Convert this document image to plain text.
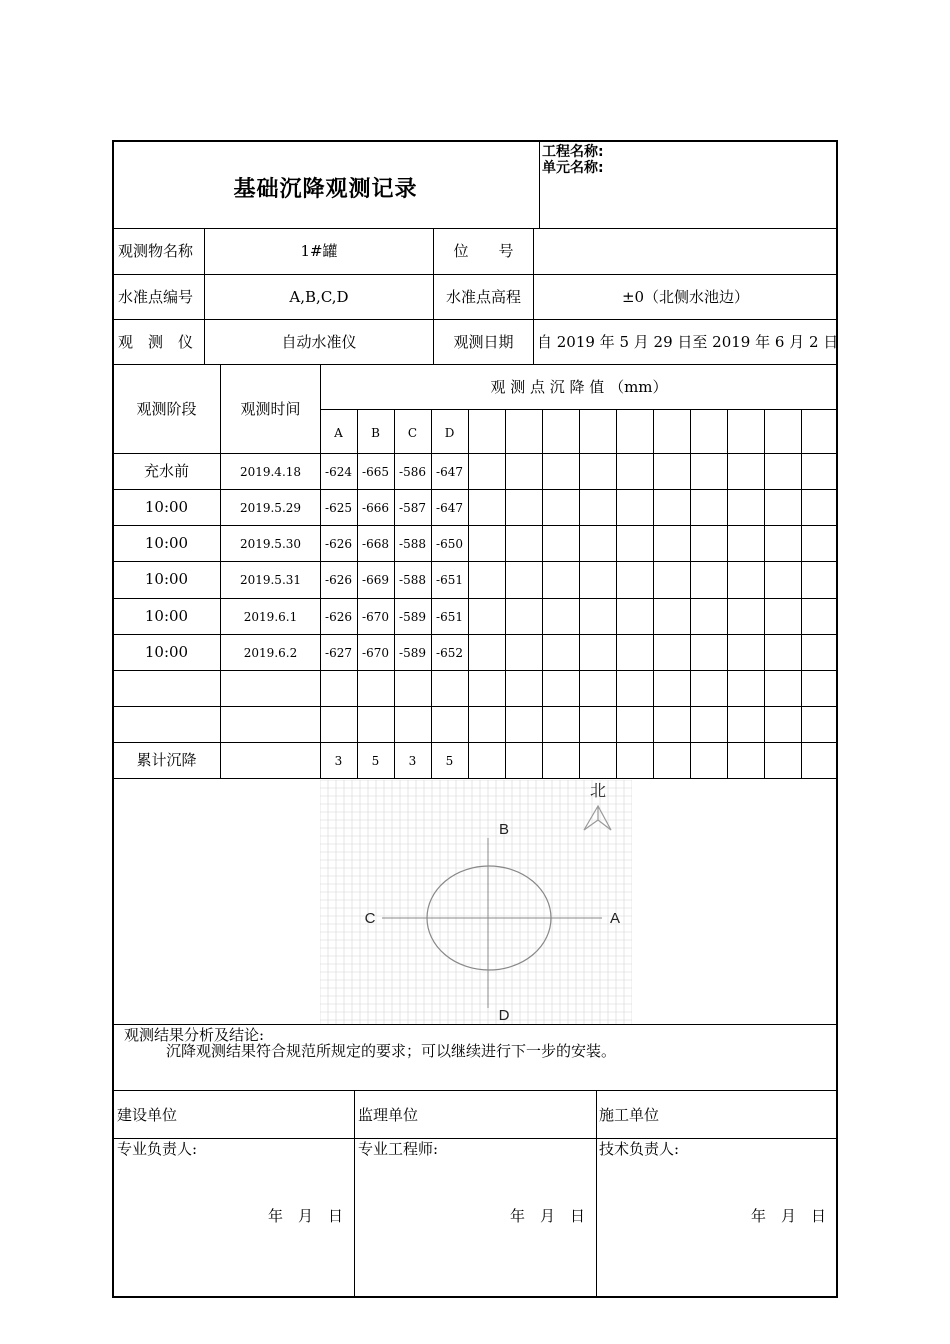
基础沉降观测记录
工程名称:
单元名称:
观测物名称	1#罐	位　　号
水准点编号	A,B,C,D	水准点高程	±0（北侧水池边）
观　测　仪	自动水准仪	观测日期	自 2019 年 5 月 29 日至 2019 年 6 月 2 日
观测阶段	观测时间
观 测 点 沉 降 值 （mm）
A	B	C	D
充水前	2019.4.18	-624 -665 -586 -647
10:00	2019.5.29	-625 -666 -587 -647
10:00	2019.5.30	-626 -668 -588 -650
10:00	2019.5.31	-626 -669 -588 -651
10:00	2019.6.1	-626 -670 -589 -651
10:00	2019.6.2	-627 -670 -589 -652
累计沉降	3	5	3	5
北
B
C	A
D
观测结果分析及结论:
沉降观测结果符合规范所规定的要求；可以继续进行下一步的安装。
建设单位	监理单位	施工单位
专业负责人:	专业工程师:	技术负责人:
年　月　日	年　月　日	年　月　日
